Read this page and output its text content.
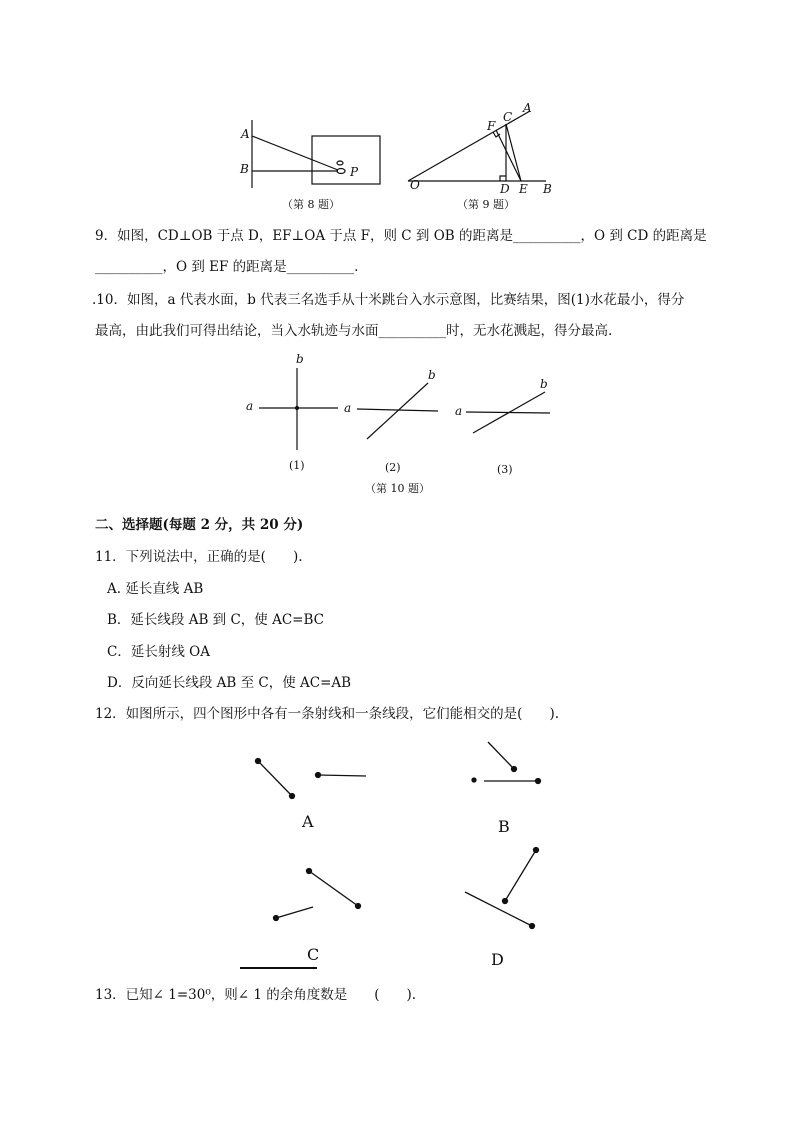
A
B	P
（第 8 题）
A
C
F
O	D E B
（第 9 题）
9．如图，CD⊥OB 于点 D，EF⊥OA 于点 F，则 C 到 OB 的距离是__________，O 到 CD 的距离是
__________，O 到 EF 的距离是__________.
.10．如图，a 代表水面，b 代表三名选手从十米跳台入水示意图，比赛结果，图(1)水花最小，得分
最高，由此我们可得出结论，当入水轨迹与水面__________时，无水花溅起，得分最高.
a
b
a
b
a
b
(1)	(2)	(3)
（第 10 题）
二、选择题(每题 2 分，共 20 分)
11．下列说法中，正确的是(　　).
A. 延长直线 AB
B．延长线段 AB 到 C，使 AC=BC
C．延长射线 OA
D．反向延长线段 AB 至 C，使 AC=AB
12．如图所示，四个图形中各有一条射线和一条线段，它们能相交的是(　　).
A	B
C	D
13．已知∠ 1=30⁰，则∠ 1 的余角度数是　　(　　).
